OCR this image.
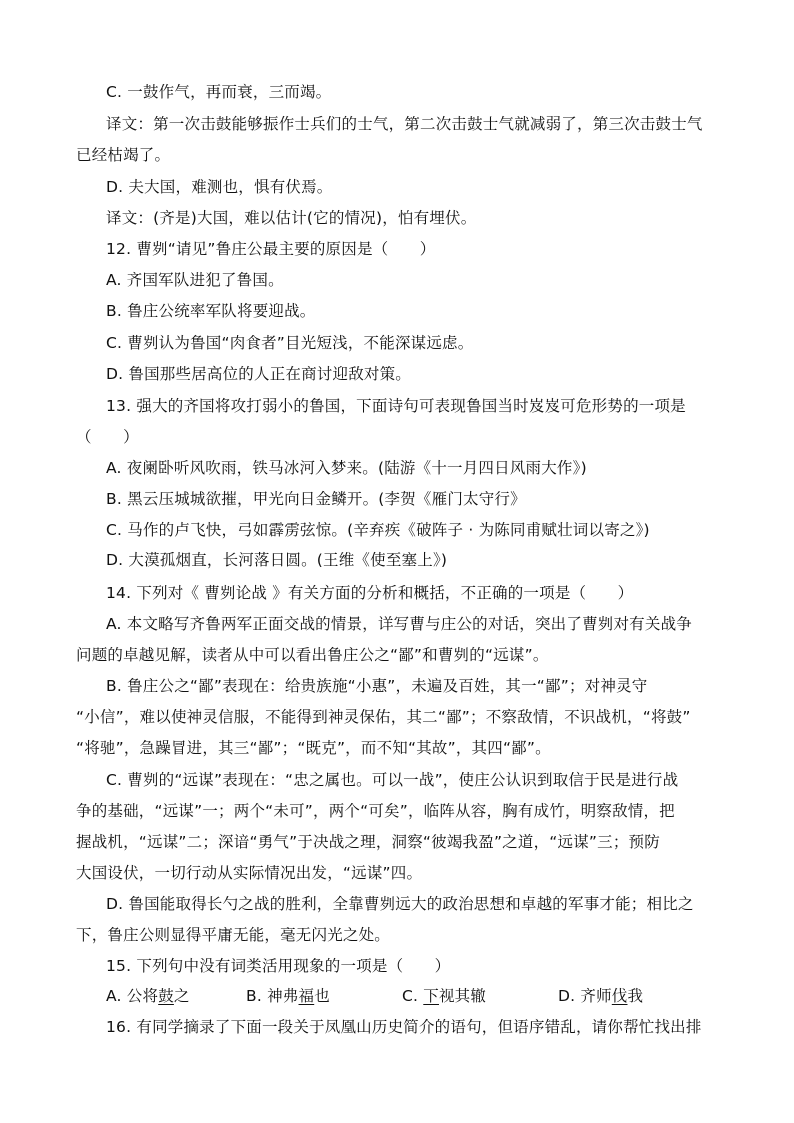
C. 一鼓作气，再而衰，三而竭。
译文：第一次击鼓能够振作士兵们的士气，第二次击鼓士气就减弱了，第三次击鼓士气
已经枯竭了。
D. 夫大国，难测也，惧有伏焉。
译文：(齐是)大国，难以估计(它的情况)，怕有埋伏。
12. 曹刿“请见”鲁庄公最主要的原因是（　　）
A. 齐国军队进犯了鲁国。
B. 鲁庄公统率军队将要迎战。
C. 曹刿认为鲁国“肉食者”目光短浅，不能深谋远虑。
D. 鲁国那些居高位的人正在商讨迎敌对策。
13. 强大的齐国将攻打弱小的鲁国，下面诗句可表现鲁国当时岌岌可危形势的一项是
（　　）
A. 夜阑卧听风吹雨，铁马冰河入梦来。(陆游《十一月四日风雨大作》)
B. 黑云压城城欲摧，甲光向日金鳞开。(李贺《雁门太守行》
C. 马作的卢飞快，弓如霹雳弦惊。(辛弃疾《破阵子 · 为陈同甫赋壮词以寄之》)
D. 大漠孤烟直，长河落日圆。(王维《使至塞上》)
14. 下列对《 曹刿论战 》有关方面的分析和概括，不正确的一项是（　　）
A. 本文略写齐鲁两军正面交战的情景，详写曹与庄公的对话，突出了曹刿对有关战争
问题的卓越见解，读者从中可以看出鲁庄公之“鄙”和曹刿的“远谋”。
B. 鲁庄公之“鄙”表现在：给贵族施“小惠”，未遍及百姓，其一“鄙”；对神灵守
“小信”，难以使神灵信服，不能得到神灵保佑，其二“鄙”；不察敌情，不识战机，“将鼓”
“将驰”，急躁冒进，其三“鄙”；“既克”，而不知“其故”，其四“鄙”。
C. 曹刿的“远谋”表现在：“忠之属也。可以一战”，使庄公认识到取信于民是进行战
争的基础，“远谋”一；两个“未可”，两个“可矣”，临阵从容，胸有成竹，明察敌情，把
握战机，“远谋”二；深谙“勇气”于决战之理，洞察“彼竭我盈”之道，“远谋”三；预防
大国设伏，一切行动从实际情况出发，“远谋”四。
D. 鲁国能取得长勺之战的胜利，全靠曹刿远大的政治思想和卓越的军事才能；相比之
下，鲁庄公则显得平庸无能，毫无闪光之处。
15. 下列句中没有词类活用现象的一项是（　　）
A. 公将鼓之	B. 神弗福也	C. 下视其辙	D. 齐师伐我
16. 有同学摘录了下面一段关于凤凰山历史简介的语句，但语序错乱，请你帮忙找出排
